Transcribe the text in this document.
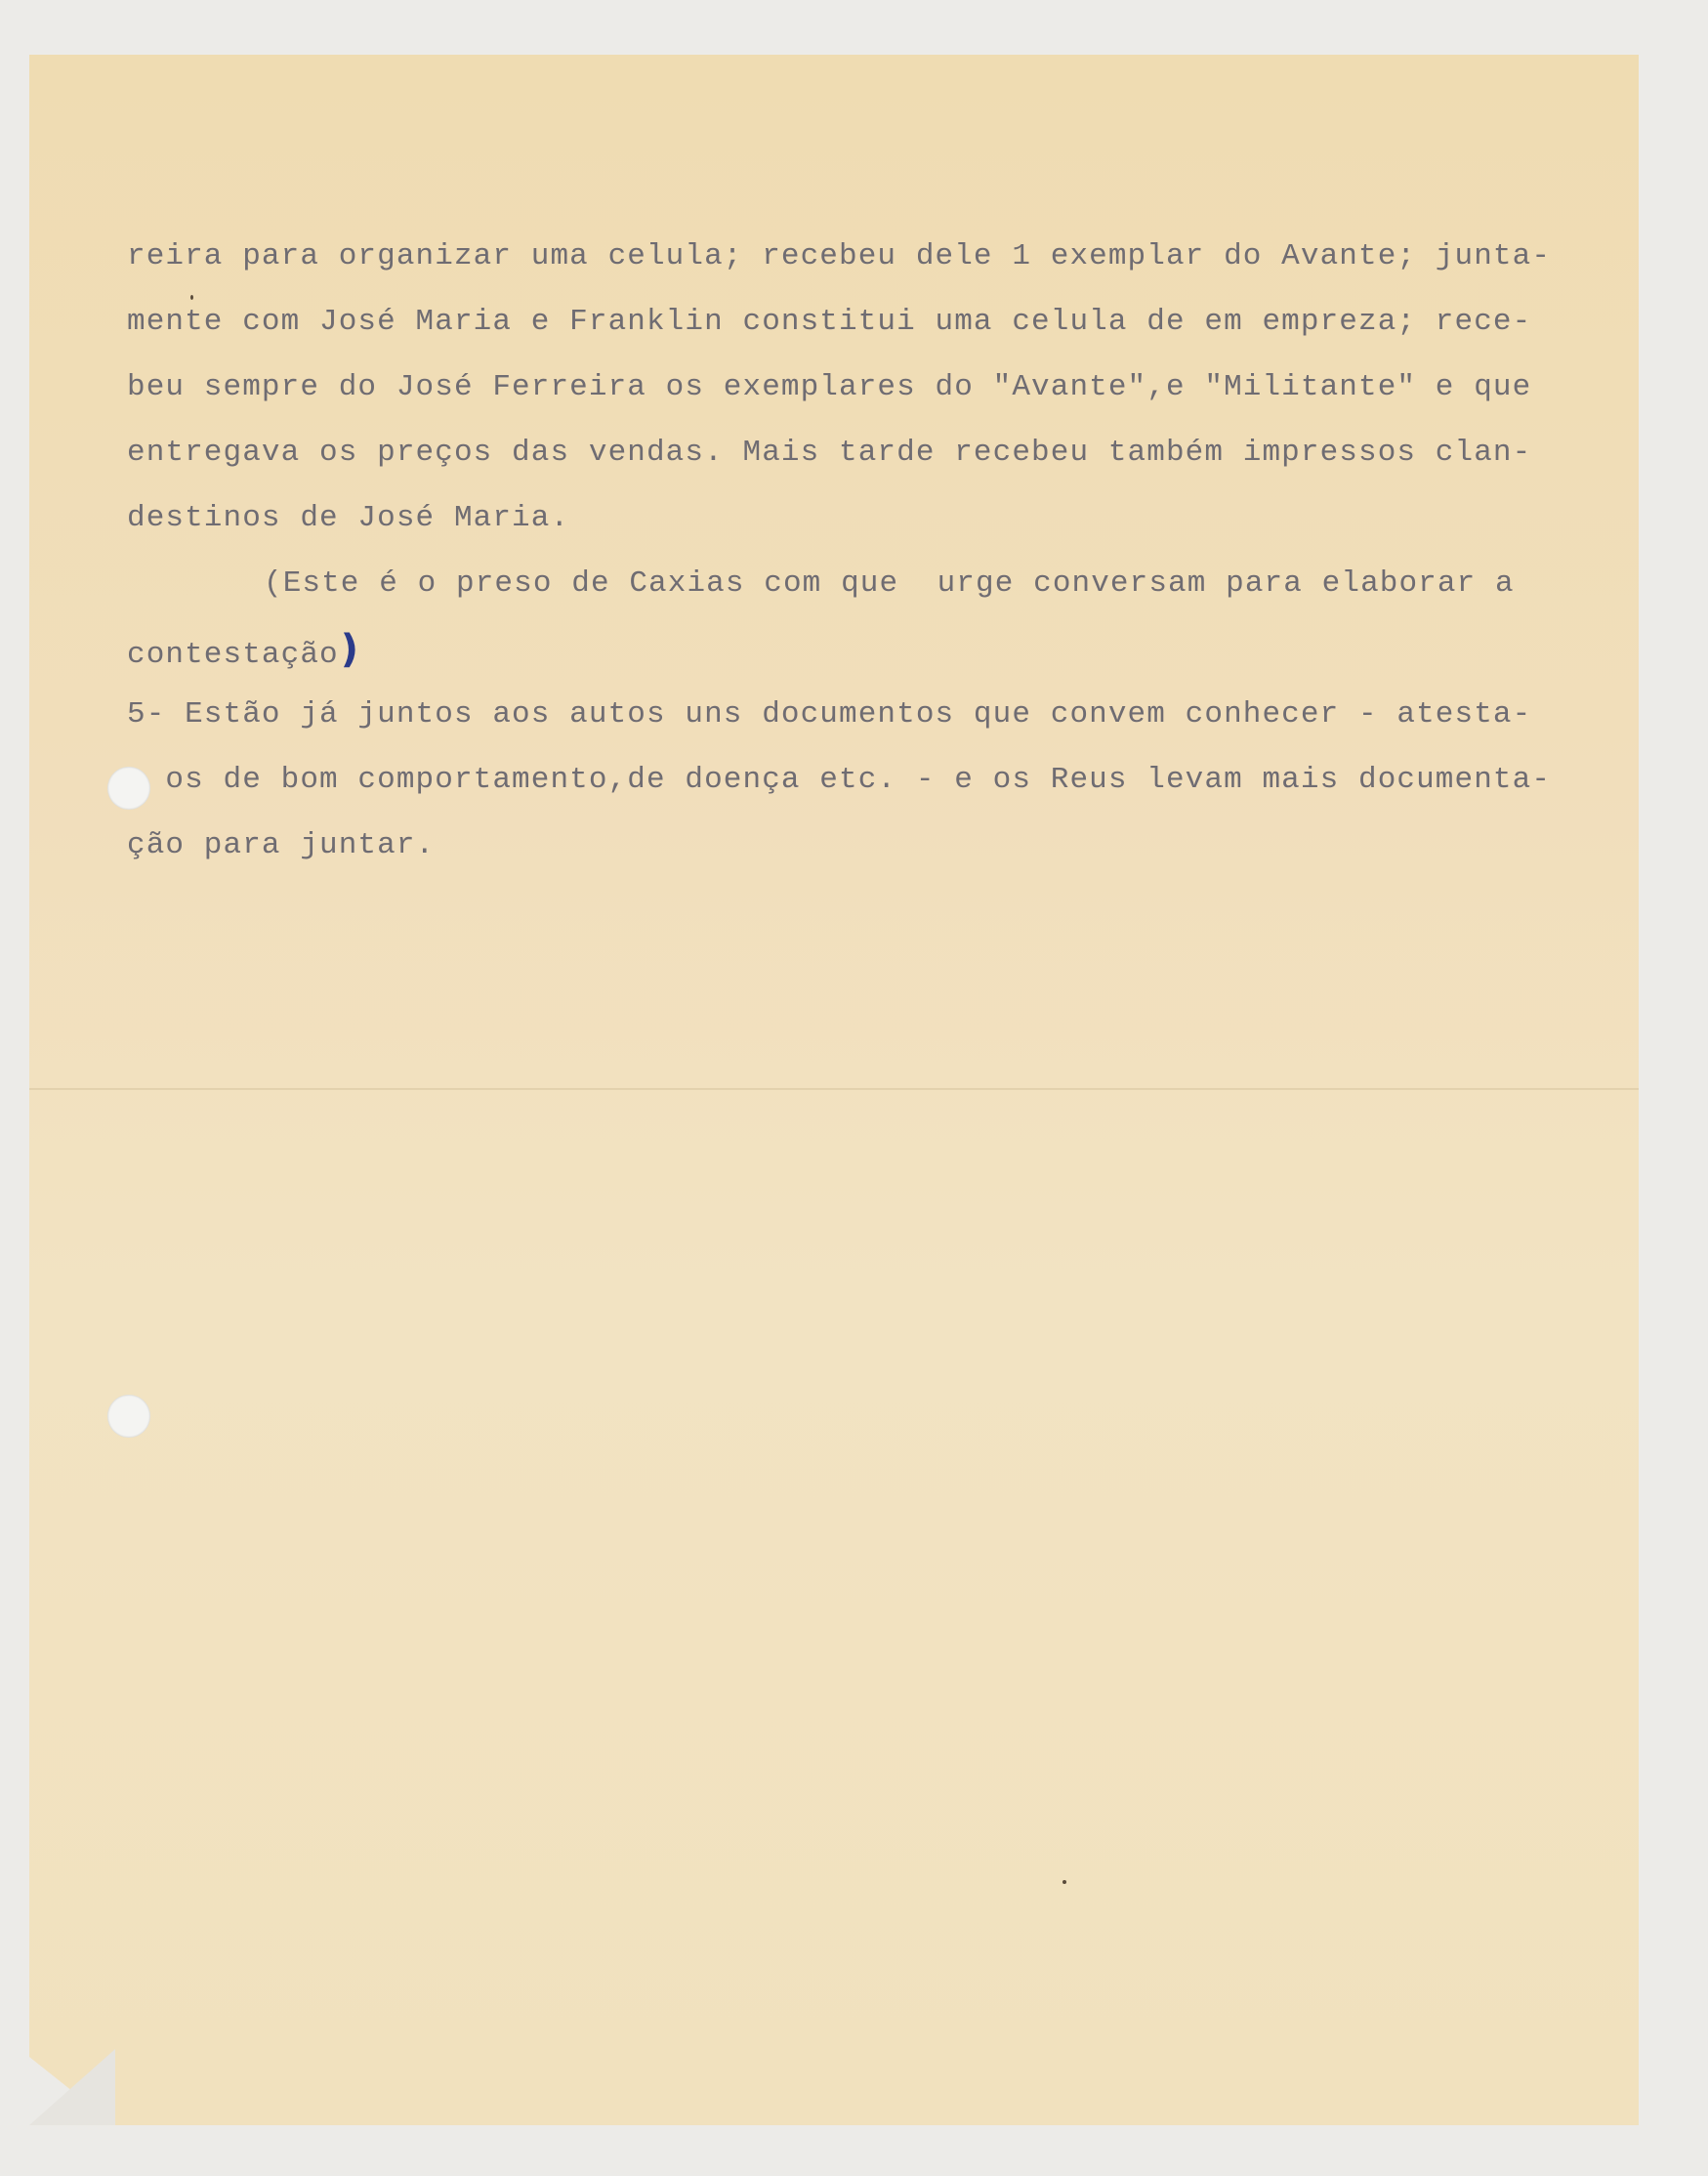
reira para organizar uma celula; recebeu dele 1 exemplar do Avante; junta-
mente com José Maria e Franklin constitui uma celula de em empreza; rece-
beu sempre do José Ferreira os exemplares do "Avante",e "Militante" e que
entregava os preços das vendas. Mais tarde recebeu também impressos clan-
destinos de José Maria.
(Este é o preso de Caxias com que  urge conversam para elaborar a
contestação)
5- Estão já juntos aos autos uns documentos que convem conhecer - atesta-
os de bom comportamento,de doença etc. - e os Reus levam mais documenta-
ção para juntar.
